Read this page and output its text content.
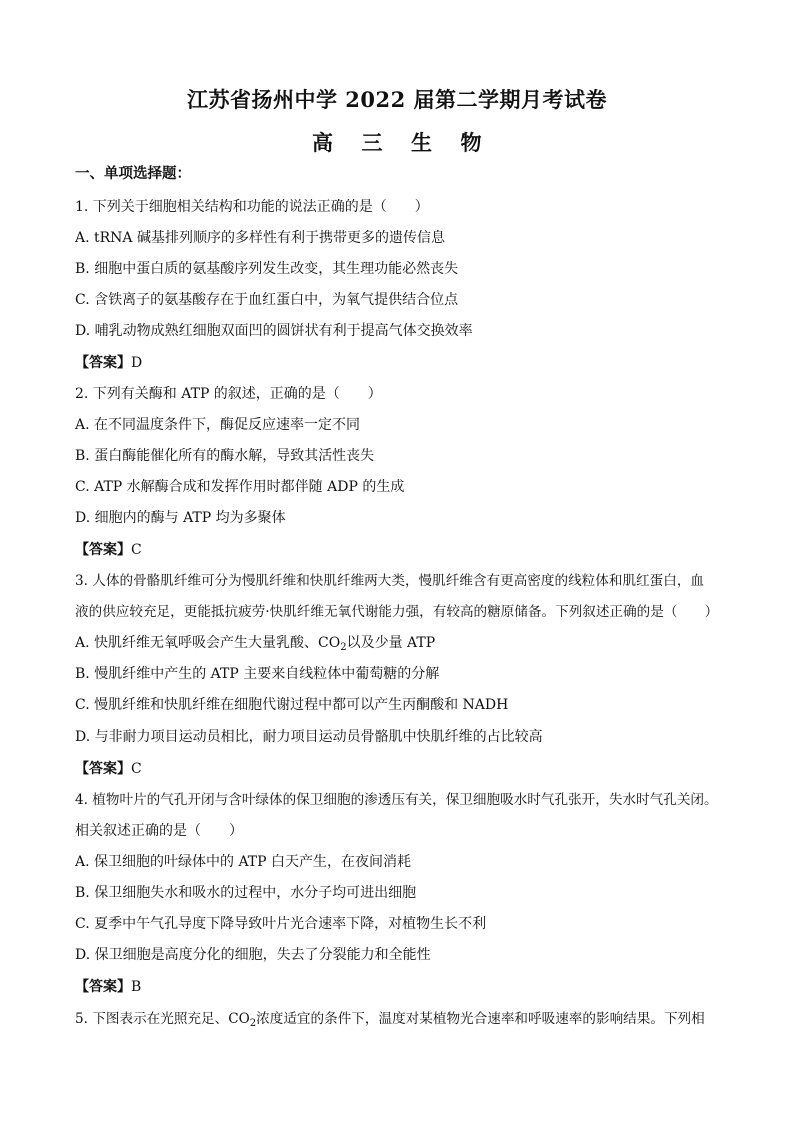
江苏省扬州中学 2022 届第二学期月考试卷
高 三 生 物
一、单项选择题：
1. 下列关于细胞相关结构和功能的说法正确的是（　　）
A. tRNA 碱基排列顺序的多样性有利于携带更多的遗传信息
B. 细胞中蛋白质的氨基酸序列发生改变，其生理功能必然丧失
C. 含铁离子的氨基酸存在于血红蛋白中，为氧气提供结合位点
D. 哺乳动物成熟红细胞双面凹的圆饼状有利于提高气体交换效率
【答案】D
2. 下列有关酶和 ATP 的叙述，正确的是（　　）
A. 在不同温度条件下，酶促反应速率一定不同
B. 蛋白酶能催化所有的酶水解，导致其活性丧失
C. ATP 水解酶合成和发挥作用时都伴随 ADP 的生成
D. 细胞内的酶与 ATP 均为多聚体
【答案】C
3. 人体的骨骼肌纤维可分为慢肌纤维和快肌纤维两大类，慢肌纤维含有更高密度的线粒体和肌红蛋白，血
液的供应较充足，更能抵抗疲劳·快肌纤维无氧代谢能力强，有较高的糖原储备。下列叙述正确的是（　　）
A. 快肌纤维无氧呼吸会产生大量乳酸、$CO_2$以及少量 ATP
B. 慢肌纤维中产生的 ATP 主要来自线粒体中葡萄糖的分解
C. 慢肌纤维和快肌纤维在细胞代谢过程中都可以产生丙酮酸和 NADH
D. 与非耐力项目运动员相比，耐力项目运动员骨骼肌中快肌纤维的占比较高
【答案】C
4. 植物叶片的气孔开闭与含叶绿体的保卫细胞的渗透压有关，保卫细胞吸水时气孔张开，失水时气孔关闭。
相关叙述正确的是（　　）
A. 保卫细胞的叶绿体中的 ATP 白天产生，在夜间消耗
B. 保卫细胞失水和吸水的过程中，水分子均可进出细胞
C. 夏季中午气孔导度下降导致叶片光合速率下降，对植物生长不利
D. 保卫细胞是高度分化的细胞，失去了分裂能力和全能性
【答案】B
5. 下图表示在光照充足、$CO_2$浓度适宜的条件下，温度对某植物光合速率和呼吸速率的影响结果。下列相
